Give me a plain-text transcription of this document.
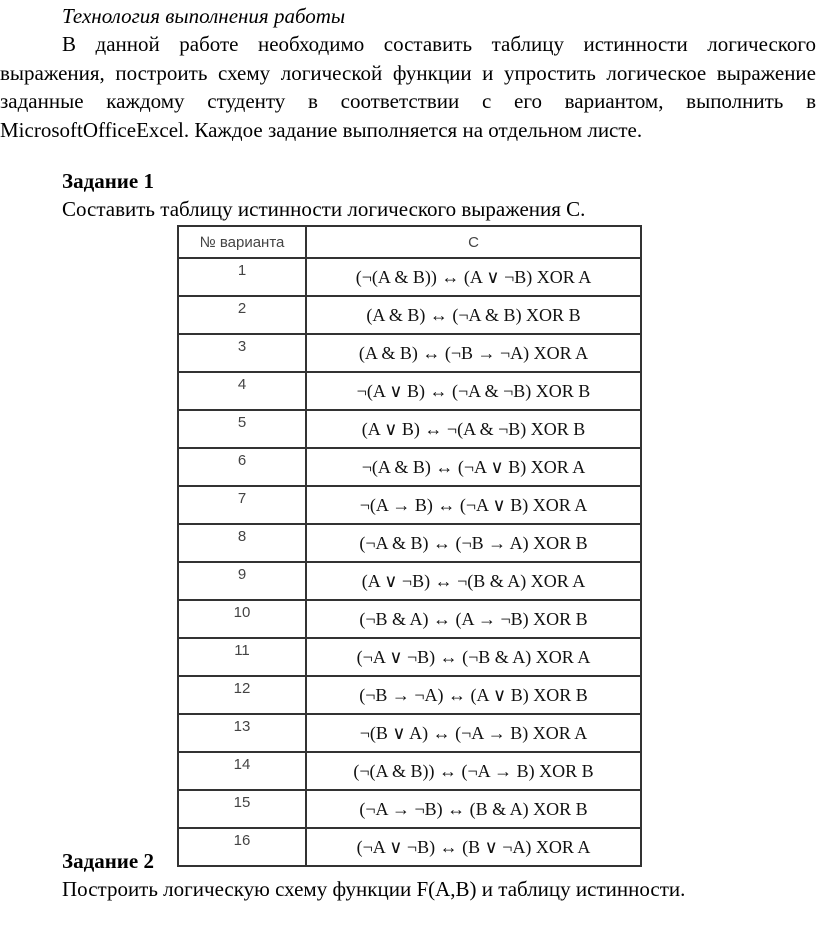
Технология выполнения работы
В данной работе необходимо составить таблицу истинности логического выражения, построить схему логической функции и упростить логическое выражение заданные каждому студенту в соответствии с его вариантом, выполнить в MicrosoftOfficeExcel. Каждое задание выполняется на отдельном листе.
Задание 1
Составить таблицу истинности логического выражения С.
№ варианта	С
1	(¬(A & B)) ↔ (A ∨ ¬B) XOR A
2	(A & B) ↔ (¬A & B) XOR B
3	(A & B) ↔ (¬B → ¬A) XOR A
4	¬(A ∨ B) ↔ (¬A & ¬B) XOR B
5	(A ∨ B) ↔ ¬(A & ¬B) XOR B
6	¬(A & B) ↔ (¬A ∨ B) XOR A
7	¬(A → B) ↔ (¬A ∨ B) XOR A
8	(¬A & B) ↔ (¬B → A) XOR B
9	(A ∨ ¬B) ↔ ¬(B & A) XOR A
10	(¬B & A) ↔ (A → ¬B) XOR B
11	(¬A ∨ ¬B) ↔ (¬B & A) XOR A
12	(¬B → ¬A) ↔ (A ∨ B) XOR B
13	¬(B ∨ A) ↔ (¬A → B) XOR A
14	(¬(A & B)) ↔ (¬A → B) XOR B
15	(¬A → ¬B) ↔ (B & A) XOR B
16	(¬A ∨ ¬B) ↔ (B ∨ ¬A) XOR A
Задание 2
Построить логическую схему функции F(A,B) и таблицу истинности.
